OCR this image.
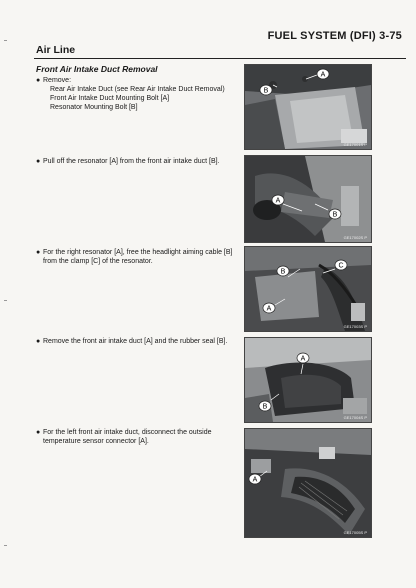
FUEL SYSTEM (DFI) 3-75
Air Line
Front Air Intake Duct Removal
● Remove:
Rear Air Intake Duct (see Rear Air Intake Duct Removal)
Front Air Intake Duct Mounting Bolt [A]
Resonator Mounting Bolt [B]
● Pull off the resonator [A] from the front air intake duct [B].
● For the right resonator [A], free the headlight aiming cable [B] from the clamp [C] of the resonator.
● Remove the front air intake duct [A] and the rubber seal [B].
● For the left front air intake duct, disconnect the outside temperature sensor connector [A].
A
B
GE17001S P
A
B
GE17002S P
A
B
C
GE17003S P
A
B
GE17004S P
A
GE17005S P
